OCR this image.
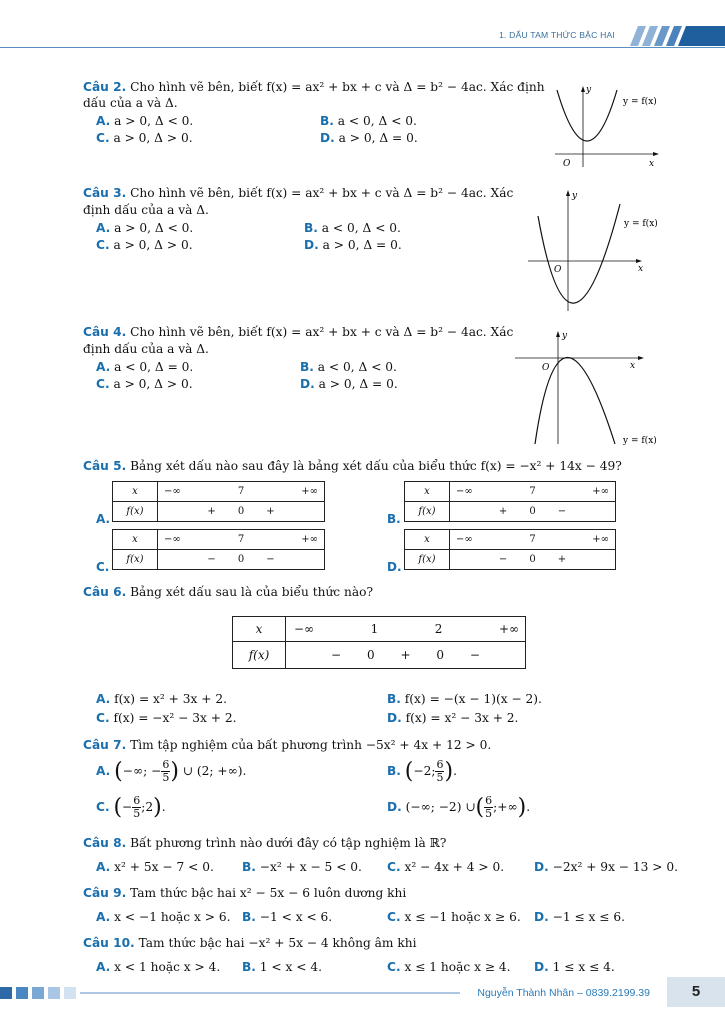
1. DẤU TAM THỨC BẬC HAI
Câu 2. Cho hình vẽ bên, biết f(x) = ax² + bx + c và Δ = b² − 4ac. Xác định
dấu của a và Δ.
A. a > 0, Δ < 0.	B. a < 0, Δ < 0.
C. a > 0, Δ > 0.	D. a > 0, Δ = 0.
y
y = f(x)
O	x
Câu 3. Cho hình vẽ bên, biết f(x) = ax² + bx + c và Δ = b² − 4ac. Xác
định dấu của a và Δ.
A. a > 0, Δ < 0.	B. a < 0, Δ < 0.
C. a > 0, Δ > 0.	D. a > 0, Δ = 0.
y
y = f(x)
O	x
Câu 4. Cho hình vẽ bên, biết f(x) = ax² + bx + c và Δ = b² − 4ac. Xác
định dấu của a và Δ.
A. a < 0, Δ = 0.	B. a < 0, Δ < 0.
C. a > 0, Δ > 0.	D. a > 0, Δ = 0.
y
O	x
y = f(x)
Câu 5. Bảng xét dấu nào sau đây là bảng xét dấu của biểu thức f(x) = −x² + 14x − 49?
A.
x	−∞ 7 +∞

f(x)	+ 0 +
B.
x	−∞ 7 +∞

f(x)	+ 0 −
C.
x	−∞ 7 +∞

f(x)	− 0 −
D.
x	−∞ 7 +∞

f(x)	− 0 +
Câu 6. Bảng xét dấu sau là của biểu thức nào?
x	−∞ 1 2 +∞

f(x)	− 0 + 0 −
A. f(x) = x² + 3x + 2.	B. f(x) = −(x − 1)(x − 2).
C. f(x) = −x² − 3x + 2.	D. f(x) = x² − 3x + 2.
Câu 7. Tìm tập nghiệm của bất phương trình −5x² + 4x + 12 > 0.
A. (−∞; − $\frac{6}{5}$ ) ∪ (2; +∞).	B. (−2; $\frac{6}{5}$ ).
C. (− $\frac{6}{5}$ ;2).	D. (−∞; −2) ∪( $\frac{6}{5}$ ;+∞).
Câu 8. Bất phương trình nào dưới đây có tập nghiệm là ℝ?
A. x² + 5x − 7 < 0. B. −x² + x − 5 < 0. C. x² − 4x + 4 > 0. D. −2x² + 9x − 13 > 0.
Câu 9. Tam thức bậc hai x² − 5x − 6 luôn dương khi
A. x < −1 hoặc x > 6. B. −1 < x < 6.	C. x ≤ −1 hoặc x ≥ 6. D. −1 ≤ x ≤ 6.
Câu 10. Tam thức bậc hai −x² + 5x − 4 không âm khi
A. x < 1 hoặc x > 4. B. 1 < x < 4.	C. x ≤ 1 hoặc x ≥ 4. D. 1 ≤ x ≤ 4.
Nguyễn Thành Nhân – 0839.2199.39	5
